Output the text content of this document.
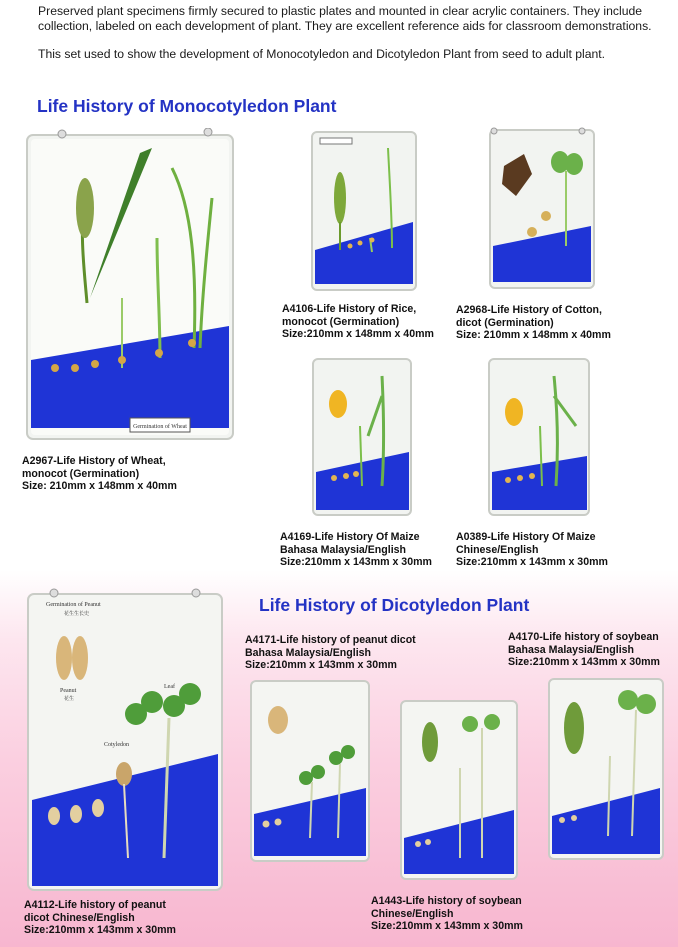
Preserved plant specimens firmly secured to plastic plates and mounted in clear acrylic containers. They include collection, labeled on each development of plant. They are excellent reference aids for classroom demonstrations.

This set used to show the development of Monocotyledon and Dicotyledon Plant from seed to adult plant.

Life History of Monocotyledon Plant
Germination of Wheat
A2967-Life History of Wheat,
monocot (Germination)
Size: 210mm x 148mm x 40mm
A4106-Life History of Rice,
monocot (Germination)
Size:210mm x 148mm x 40mm
A2968-Life History of Cotton,
dicot (Germination)
Size: 210mm x 148mm x 40mm
A4169-Life History Of Maize
Bahasa Malaysia/English
Size:210mm x 143mm x 30mm
A0389-Life History Of Maize
Chinese/English
Size:210mm x 143mm x 30mm
Life History of Dicotyledon Plant
Germination of Peanut
花生生长史
Peanut
花生
Leaf
Cotyledon
A4112-Life history of peanut
dicot Chinese/English
Size:210mm x 143mm x 30mm
A4171-Life history of peanut dicot
Bahasa Malaysia/English
Size:210mm x 143mm x 30mm
A4170-Life history of soybean
Bahasa Malaysia/English
Size:210mm x 143mm x 30mm
A1443-Life history of soybean
Chinese/English
Size:210mm x 143mm x 30mm
